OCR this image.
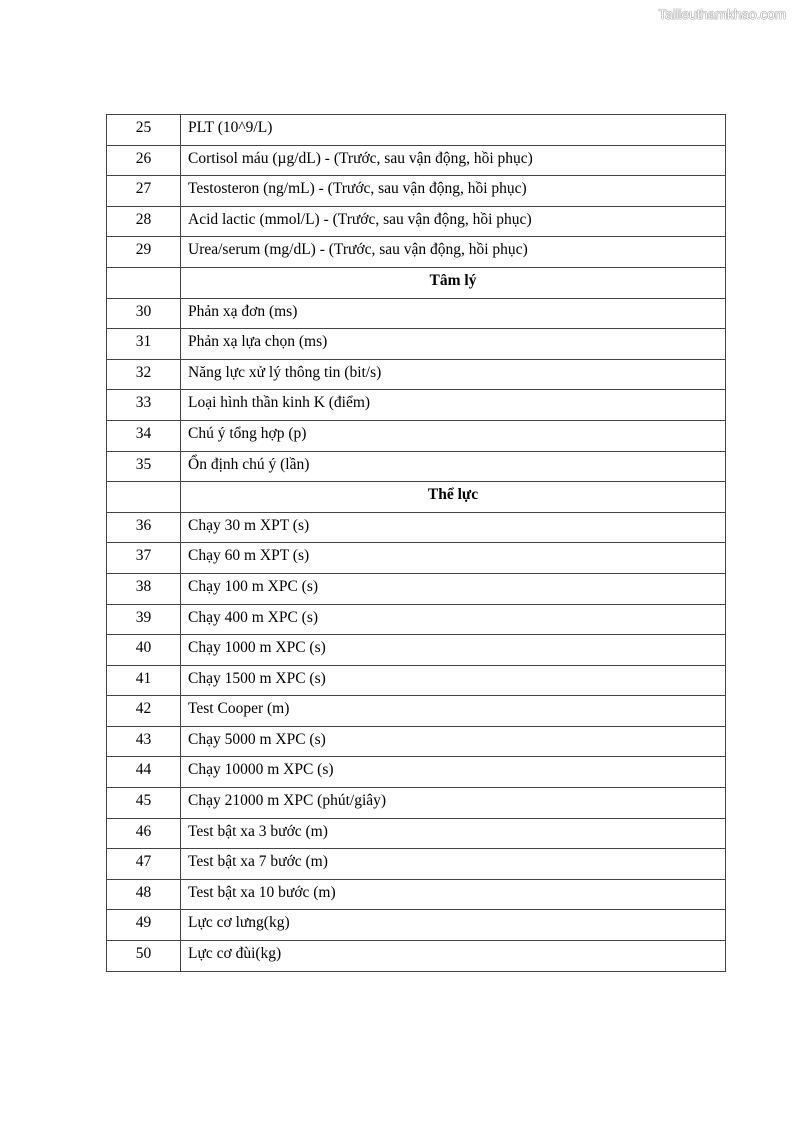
Tailieuthamkhao.com
25	PLT (10^9/L)
26	Cortisol máu (µg/dL) - (Trước, sau vận động, hồi phục)
27	Testosteron (ng/mL) - (Trước, sau vận động, hồi phục)
28	Acid lactic (mmol/L) - (Trước, sau vận động, hồi phục)
29	Urea/serum (mg/dL) - (Trước, sau vận động, hồi phục)
	Tâm lý
30	Phản xạ đơn (ms)
31	Phản xạ lựa chọn (ms)
32	Năng lực xử lý thông tin (bit/s)
33	Loại hình thần kinh K (điểm)
34	Chú ý tổng hợp (p)
35	Ổn định chú ý (lần)
	Thể lực
36	Chạy 30 m XPT (s)
37	Chạy 60 m XPT (s)
38	Chạy 100 m XPC (s)
39	Chạy 400 m XPC (s)
40	Chạy 1000 m XPC (s)
41	Chạy 1500 m XPC (s)
42	Test Cooper (m)
43	Chạy 5000 m XPC (s)
44	Chạy 10000 m XPC (s)
45	Chạy 21000 m XPC (phút/giây)
46	Test bật xa 3 bước (m)
47	Test bật xa 7 bước (m)
48	Test bật xa 10 bước (m)
49	Lực cơ lưng(kg)
50	Lực cơ đùi(kg)
